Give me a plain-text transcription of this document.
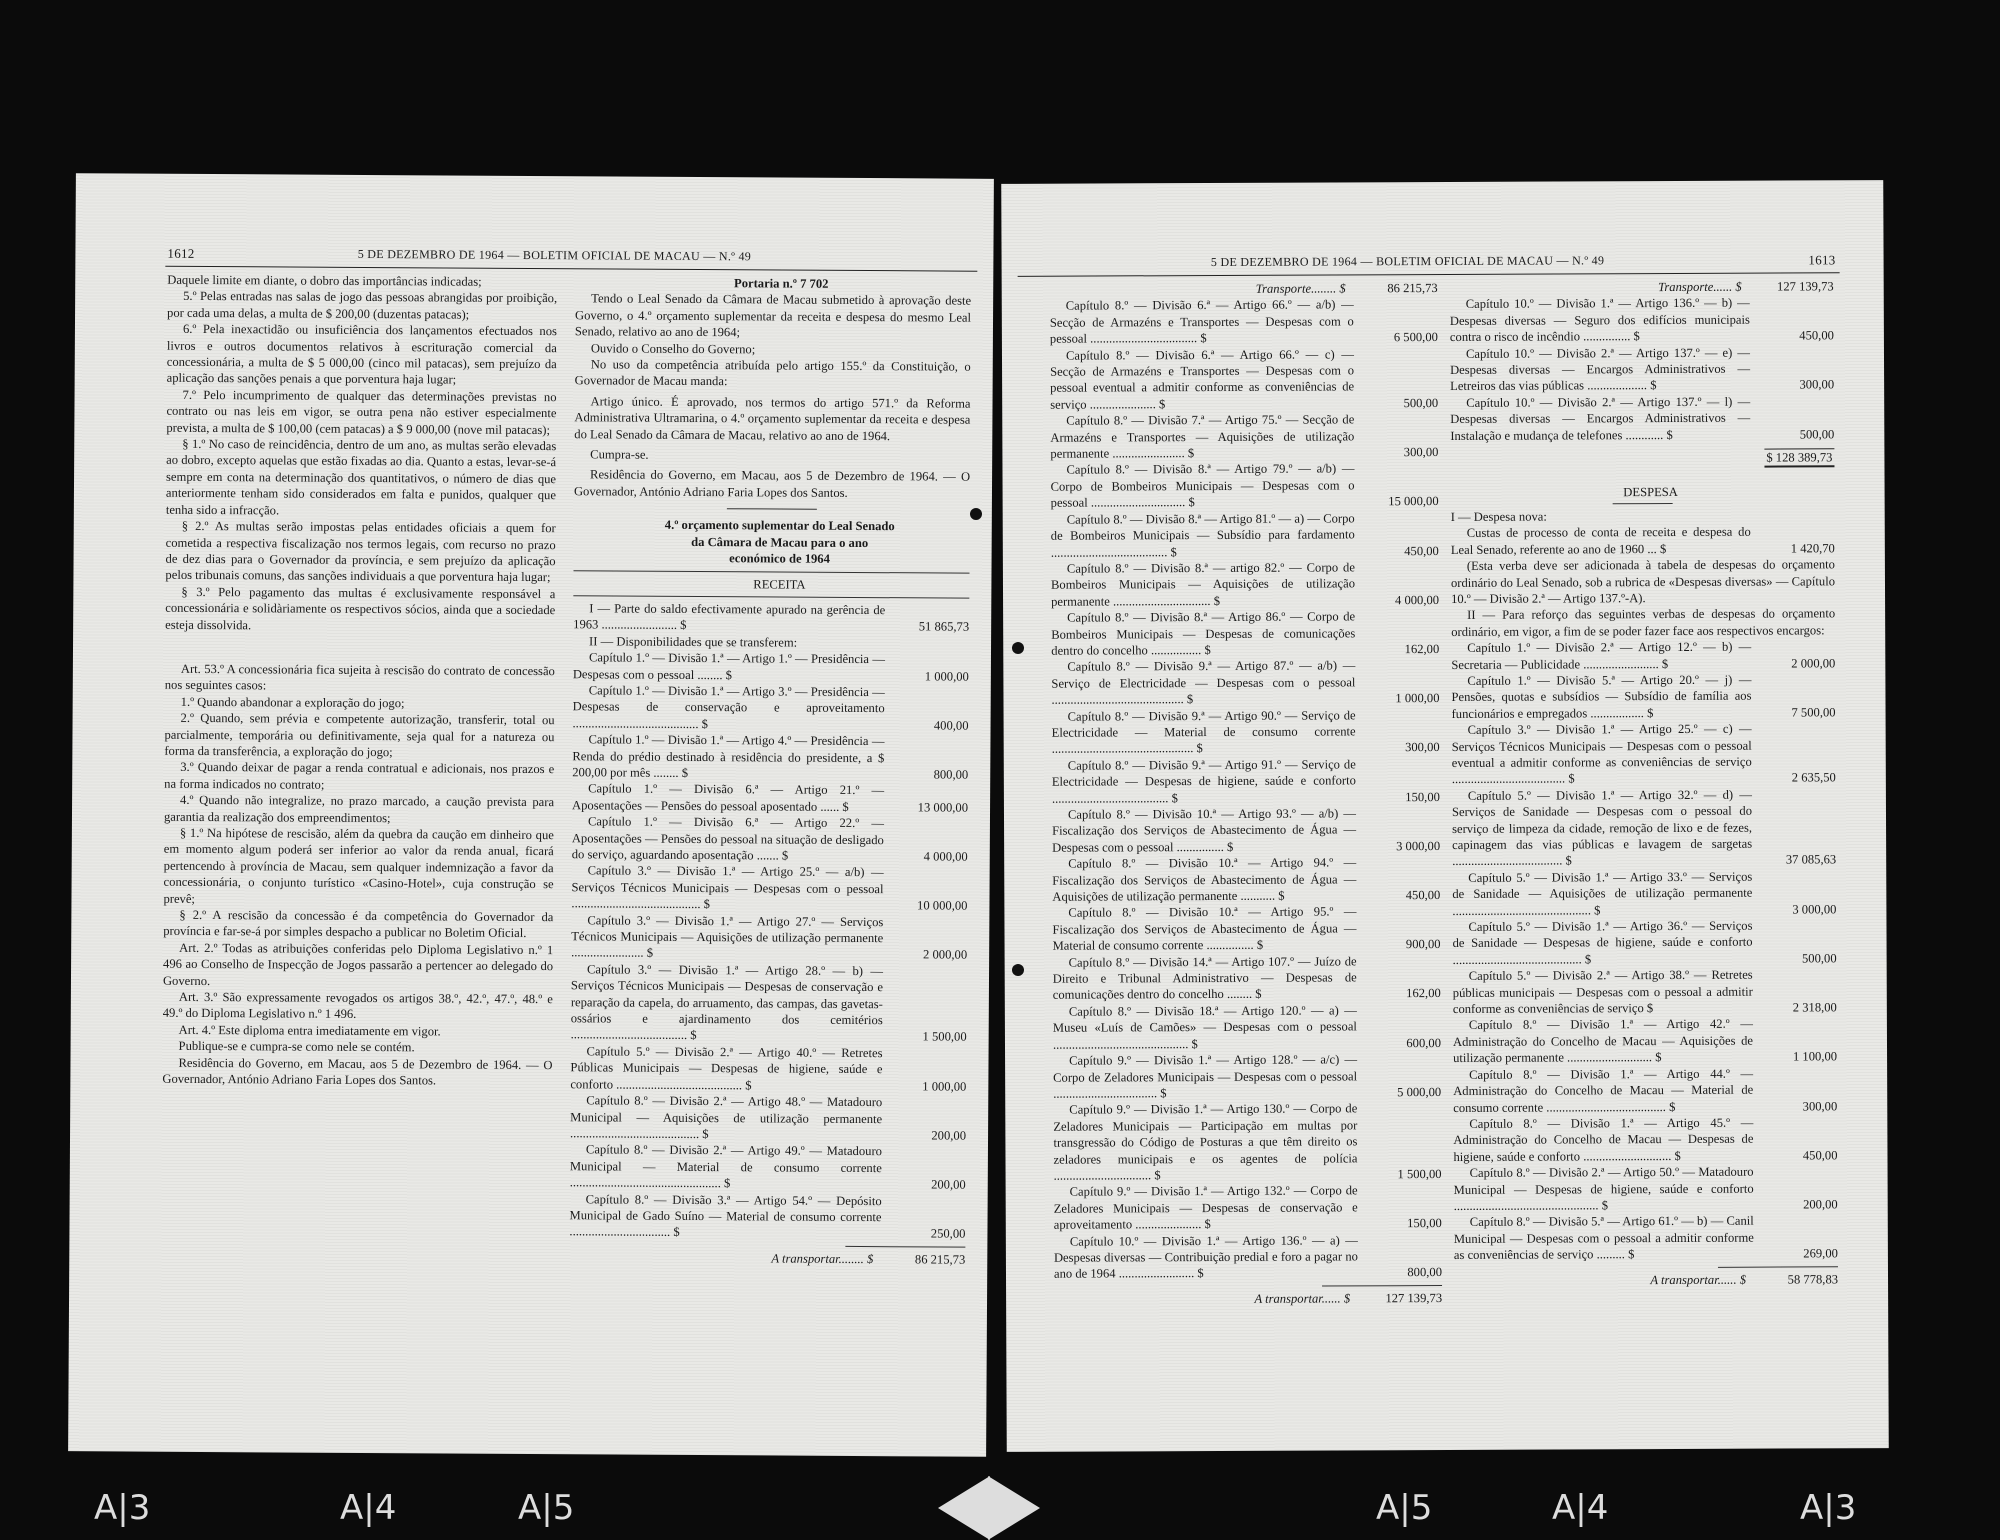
1612	5 DE DEZEMBRO DE 1964 — BOLETIM OFICIAL DE MACAU — N.º 49

Daquele limite em diante, o dobro das importâncias indicadas;

5.º Pelas entradas nas salas de jogo das pessoas abrangidas por proibição, por cada uma delas, a multa de $ 200,00 (duzentas patacas);

6.º Pela inexactidão ou insuficiência dos lançamentos efectuados nos livros e outros documentos relativos à escrituração comercial da concessionária, a multa de $ 5 000,00 (cinco mil patacas), sem prejuízo da aplicação das sanções penais a que porventura haja lugar;

7.º Pelo incumprimento de qualquer das determinações previstas no contrato ou nas leis em vigor, se outra pena não estiver especialmente prevista, a multa de $ 100,00 (cem patacas) a $ 9 000,00 (nove mil patacas);

§ 1.º No caso de reincidência, dentro de um ano, as multas serão elevadas ao dobro, excepto aquelas que estão fixadas ao dia. Quanto a estas, levar-se-á sempre em conta na determinação dos quantitativos, o número de dias que anteriormente tenham sido considerados em falta e punidos, qualquer que tenha sido a infracção.

§ 2.º As multas serão impostas pelas entidades oficiais a quem for cometida a respectiva fiscalização nos termos legais, com recurso no prazo de dez dias para o Governador da província, e sem prejuízo da aplicação pelos tribunais comuns, das sanções individuais a que porventura haja lugar;

§ 3.º Pelo pagamento das multas é exclusivamente responsável a concessionária e solidàriamente os respectivos sócios, ainda que a sociedade esteja dissolvida.

Art. 53.º A concessionária fica sujeita à rescisão do contrato de concessão nos seguintes casos:

1.º Quando abandonar a exploração do jogo;

2.º Quando, sem prévia e competente autorização, transferir, total ou parcialmente, temporária ou definitivamente, seja qual for a natureza ou forma da transferência, a exploração do jogo;

3.º Quando deixar de pagar a renda contratual e adicionais, nos prazos e na forma indicados no contrato;

4.º Quando não integralize, no prazo marcado, a caução prevista para garantia da realização dos empreendimentos;

§ 1.º Na hipótese de rescisão, além da quebra da caução em dinheiro que em momento algum poderá ser inferior ao valor da renda anual, ficará pertencendo à província de Macau, sem qualquer indemnização a favor da concessionária, o conjunto turístico «Casino-Hotel», cuja construção se prevê;

§ 2.º A rescisão da concessão é da competência do Governador da província e far-se-á por simples despacho a publicar no Boletim Oficial.

Art. 2.º Todas as atribuições conferidas pelo Diploma Legislativo n.º 1 496 ao Conselho de Inspecção de Jogos passarão a pertencer ao delegado do Governo.

Art. 3.º São expressamente revogados os artigos 38.º, 42.º, 47.º, 48.º e 49.º do Diploma Legislativo n.º 1 496.

Art. 4.º Este diploma entra imediatamente em vigor.

Publique-se e cumpra-se como nele se contém.

Residência do Governo, em Macau, aos 5 de Dezembro de 1964. — O Governador, António Adriano Faria Lopes dos Santos.

Portaria n.º 7 702

Tendo o Leal Senado da Câmara de Macau submetido à aprovação deste Governo, o 4.º orçamento suplementar da receita e despesa do mesmo Leal Senado, relativo ao ano de 1964;

Ouvido o Conselho do Governo;

No uso da competência atribuída pelo artigo 155.º da Constituição, o Governador de Macau manda:

Artigo único. É aprovado, nos termos do artigo 571.º da Reforma Administrativa Ultramarina, o 4.º orçamento suplementar da receita e despesa do Leal Senado da Câmara de Macau, relativo ao ano de 1964.

Cumpra-se.

Residência do Governo, em Macau, aos 5 de Dezembro de 1964. — O Governador, António Adriano Faria Lopes dos Santos.

4.º orçamento suplementar do Leal Senado

da Câmara de Macau para o ano

económico de 1964

RECEITA

I — Parte do saldo efectivamente apurado na gerência de 1963 ........................ $	51 865,73
II — Disponibilidades que se transferem:
Capítulo 1.º — Divisão 1.ª — Artigo 1.º — Presidência — Despesas com o pessoal ........ $	1 000,00
Capítulo 1.º — Divisão 1.ª — Artigo 3.º — Presidência — Despesas de conservação e aproveitamento ........................................ $	400,00
Capítulo 1.º — Divisão 1.ª — Artigo 4.º — Presidência — Renda do prédio destinado à residência do presidente, a $ 200,00 por mês ........ $	800,00
Capítulo 1.º — Divisão 6.ª — Artigo 21.º — Aposentações — Pensões do pessoal aposentado ...... $	13 000,00
Capítulo 1.º — Divisão 6.ª — Artigo 22.º — Aposentações — Pensões do pessoal na situação de desligado do serviço, aguardando aposentação ....... $	4 000,00
Capítulo 3.º — Divisão 1.ª — Artigo 25.º — a/b) — Serviços Técnicos Municipais — Despesas com o pessoal ......................................... $	10 000,00
Capítulo 3.º — Divisão 1.ª — Artigo 27.º — Serviços Técnicos Municipais — Aquisições de utilização permanente ....................... $	2 000,00
Capítulo 3.º — Divisão 1.ª — Artigo 28.º — b) — Serviços Técnicos Municipais — Despesas de conservação e reparação da capela, do arruamento, das campas, das gavetas-ossários e ajardinamento dos cemitérios ..................................... $	1 500,00
Capítulo 5.º — Divisão 2.ª — Artigo 40.º — Retretes Públicas Municipais — Despesas de higiene, saúde e conforto ........................................ $	1 000,00
Capítulo 8.º — Divisão 2.ª — Artigo 48.º — Matadouro Municipal — Aquisições de utilização permanente ......................................... $	200,00
Capítulo 8.º — Divisão 2.ª — Artigo 49.º — Matadouro Municipal — Material de consumo corrente ................................................ $	200,00
Capítulo 8.º — Divisão 3.ª — Artigo 54.º — Depósito Municipal de Gado Suíno — Material de consumo corrente ................................ $	250,00
A transportar........ $	86 215,73
5 DE DEZEMBRO DE 1964 — BOLETIM OFICIAL DE MACAU — N.º 49	1613
Transporte........ $	86 215,73
Capítulo 8.º — Divisão 6.ª — Artigo 66.º — a/b) — Secção de Armazéns e Transportes — Despesas com o pessoal .................................. $	6 500,00
Capítulo 8.º — Divisão 6.ª — Artigo 66.º — c) — Secção de Armazéns e Transportes — Despesas com o pessoal eventual a admitir conforme as conveniências de serviço ..................... $	500,00
Capítulo 8.º — Divisão 7.ª — Artigo 75.º — Secção de Armazéns e Transportes — Aquisições de utilização permanente ....................... $	300,00
Capítulo 8.º — Divisão 8.ª — Artigo 79.º — a/b) — Corpo de Bombeiros Municipais — Despesas com o pessoal .............................. $	15 000,00
Capítulo 8.º — Divisão 8.ª — Artigo 81.º — a) — Corpo de Bombeiros Municipais — Subsídio para fardamento ..................................... $	450,00
Capítulo 8.º — Divisão 8.ª — artigo 82.º — Corpo de Bombeiros Municipais — Aquisições de utilização permanente ............................... $	4 000,00
Capítulo 8.º — Divisão 8.ª — Artigo 86.º — Corpo de Bombeiros Municipais — Despesas de comunicações dentro do concelho ................ $	162,00
Capítulo 8.º — Divisão 9.ª — Artigo 87.º — a/b) — Serviço de Electricidade — Despesas com o pessoal .......................................... $	1 000,00
Capítulo 8.º — Divisão 9.ª — Artigo 90.º — Serviço de Electricidade — Material de consumo corrente ............................................. $	300,00
Capítulo 8.º — Divisão 9.ª — Artigo 91.º — Serviço de Electricidade — Despesas de higiene, saúde e conforto ..................................... $	150,00
Capítulo 8.º — Divisão 10.ª — Artigo 93.º — a/b) — Fiscalização dos Serviços de Abastecimento de Água — Despesas com o pessoal ............... $	3 000,00
Capítulo 8.º — Divisão 10.ª — Artigo 94.º — Fiscalização dos Serviços de Abastecimento de Água — Aquisições de utilização permanente ........... $	450,00
Capítulo 8.º — Divisão 10.ª — Artigo 95.º — Fiscalização dos Serviços de Abastecimento de Água — Material de consumo corrente ............... $	900,00
Capítulo 8.º — Divisão 14.ª — Artigo 107.º — Juízo de Direito e Tribunal Administrativo — Despesas de comunicações dentro do concelho ........ $	162,00
Capítulo 8.º — Divisão 18.ª — Artigo 120.º — a) — Museu «Luís de Camões» — Despesas com o pessoal ........................................... $	600,00
Capítulo 9.º — Divisão 1.ª — Artigo 128.º — a/c) — Corpo de Zeladores Municipais — Despesas com o pessoal ................................. $	5 000,00
Capítulo 9.º — Divisão 1.ª — Artigo 130.º — Corpo de Zeladores Municipais — Participação em multas por transgressão do Código de Posturas a que têm direito os zeladores municipais e os agentes de polícia ............................... $	1 500,00
Capítulo 9.º — Divisão 1.ª — Artigo 132.º — Corpo de Zeladores Municipais — Despesas de conservação e aproveitamento ..................... $	150,00
Capítulo 10.º — Divisão 1.ª — Artigo 136.º — a) — Despesas diversas — Contribuição predial e foro a pagar no ano de 1964 ........................ $	800,00
A transportar...... $	127 139,73
Transporte...... $	127 139,73
Capítulo 10.º — Divisão 1.ª — Artigo 136.º — b) — Despesas diversas — Seguro dos edifícios municipais contra o risco de incêndio ............... $	450,00
Capítulo 10.º — Divisão 2.ª — Artigo 137.º — e) — Despesas diversas — Encargos Administrativos — Letreiros das vias públicas ................... $	300,00
Capítulo 10.º — Divisão 2.ª — Artigo 137.º — l) — Despesas diversas — Encargos Administrativos — Instalação e mudança de telefones ............ $	500,00
$ 128 389,73

DESPESA

I — Despesa nova:

Custas de processo de conta de receita e despesa do Leal Senado, referente ao ano de 1960 ... $	1 420,70

(Esta verba deve ser adicionada à tabela de despesas do orçamento ordinário do Leal Senado, sob a rubrica de «Despesas diversas» — Capítulo 10.º — Divisão 2.ª — Artigo 137.º-A).

II — Para reforço das seguintes verbas de despesas do orçamento ordinário, em vigor, a fim de se poder fazer face aos respectivos encargos:

Capítulo 1.º — Divisão 2.ª — Artigo 12.º — b) — Secretaria — Publicidade ........................ $	2 000,00
Capítulo 1.º — Divisão 5.ª — Artigo 20.º — j) — Pensões, quotas e subsídios — Subsídio de família aos funcionários e empregados ................. $	7 500,00
Capítulo 3.º — Divisão 1.ª — Artigo 25.º — c) — Serviços Técnicos Municipais — Despesas com o pessoal eventual a admitir conforme as conveniências de serviço .................................... $	2 635,50
Capítulo 5.º — Divisão 1.ª — Artigo 32.º — d) — Serviços de Sanidade — Despesas com o pessoal do serviço de limpeza da cidade, remoção de lixo e de fezes, capinagem das vias públicas e lavagem de sargetas ................................... $	37 085,63
Capítulo 5.º — Divisão 1.ª — Artigo 33.º — Serviços de Sanidade — Aquisições de utilização permanente ............................................ $	3 000,00
Capítulo 5.º — Divisão 1.ª — Artigo 36.º — Serviços de Sanidade — Despesas de higiene, saúde e conforto ......................................... $	500,00
Capítulo 5.º — Divisão 2.ª — Artigo 38.º — Retretes públicas municipais — Despesas com o pessoal a admitir conforme as conveniências de serviço $	2 318,00
Capítulo 8.º — Divisão 1.ª — Artigo 42.º — Administração do Concelho de Macau — Aquisições de utilização permanente ........................... $	1 100,00
Capítulo 8.º — Divisão 1.ª — Artigo 44.º — Administração do Concelho de Macau — Material de consumo corrente ...................................... $	300,00
Capítulo 8.º — Divisão 1.ª — Artigo 45.º — Administração do Concelho de Macau — Despesas de higiene, saúde e conforto ............................ $	450,00
Capítulo 8.º — Divisão 2.ª — Artigo 50.º — Matadouro Municipal — Despesas de higiene, saúde e conforto .............................................. $	200,00
Capítulo 8.º — Divisão 5.ª — Artigo 61.º — b) — Canil Municipal — Despesas com o pessoal a admitir conforme as conveniências de serviço ......... $	269,00
A transportar...... $	58 778,83
A|3	A|4	A|5	A|5	A|4	A|3
